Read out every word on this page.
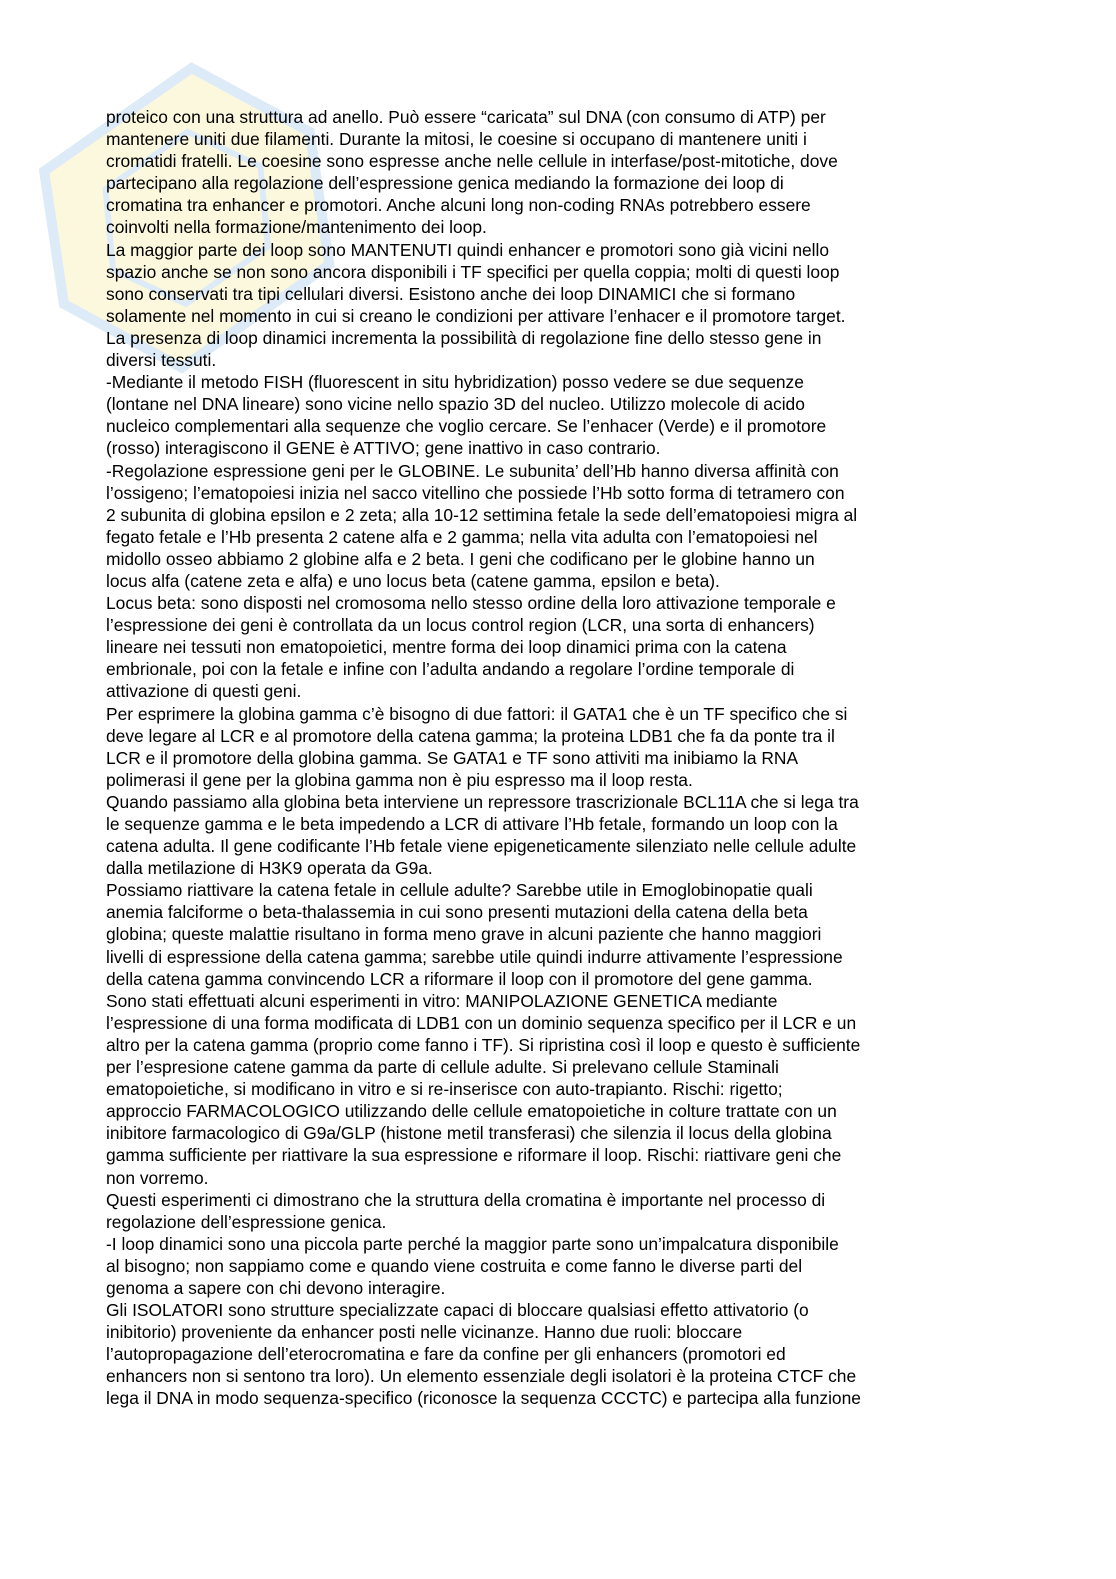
proteico con una struttura ad anello. Può essere “caricata” sul DNA (con consumo di ATP) per
mantenere uniti due filamenti. Durante la mitosi, le coesine si occupano di mantenere uniti i
cromatidi fratelli. Le coesine sono espresse anche nelle cellule in interfase/post-mitotiche, dove
partecipano alla regolazione dell’espressione genica mediando la formazione dei loop di
cromatina tra enhancer e promotori. Anche alcuni long non-coding RNAs potrebbero essere
coinvolti nella formazione/mantenimento dei loop.
La maggior parte dei loop sono MANTENUTI quindi enhancer e promotori sono già vicini nello
spazio anche se non sono ancora disponibili i TF specifici per quella coppia; molti di questi loop
sono conservati tra tipi cellulari diversi. Esistono anche dei loop DINAMICI che si formano
solamente nel momento in cui si creano le condizioni per attivare l’enhacer e il promotore target.
La presenza di loop dinamici incrementa la possibilità di regolazione fine dello stesso gene in
diversi tessuti.
-Mediante il metodo FISH (fluorescent in situ hybridization) posso vedere se due sequenze
(lontane nel DNA lineare) sono vicine nello spazio 3D del nucleo. Utilizzo molecole di acido
nucleico complementari alla sequenze che voglio cercare. Se l’enhacer (Verde) e il promotore
(rosso) interagiscono il GENE è ATTIVO; gene inattivo in caso contrario.
-Regolazione espressione geni per le GLOBINE. Le subunita’ dell’Hb hanno diversa affinità con
l’ossigeno; l’ematopoiesi inizia nel sacco vitellino che possiede l’Hb sotto forma di tetramero con
2 subunita di globina epsilon e 2 zeta; alla 10-12 settimina fetale la sede dell’ematopoiesi migra al
fegato fetale e l’Hb presenta 2 catene alfa e 2 gamma; nella vita adulta con l’ematopoiesi nel
midollo osseo abbiamo 2 globine alfa e 2 beta. I geni che codificano per le globine hanno un
locus alfa (catene zeta e alfa) e uno locus beta (catene gamma, epsilon e beta).
Locus beta: sono disposti nel cromosoma nello stesso ordine della loro attivazione temporale e
l’espressione dei geni è controllata da un locus control region (LCR, una sorta di enhancers)
lineare nei tessuti non ematopoietici, mentre forma dei loop dinamici prima con la catena
embrionale, poi con la fetale e infine con l’adulta andando a regolare l’ordine temporale di
attivazione di questi geni.
Per esprimere la globina gamma c’è bisogno di due fattori: il GATA1 che è un TF specifico che si
deve legare al LCR e al promotore della catena gamma; la proteina LDB1 che fa da ponte tra il
LCR e il promotore della globina gamma. Se GATA1 e TF sono attiviti ma inibiamo la RNA
polimerasi il gene per la globina gamma non è piu espresso ma il loop resta.
Quando passiamo alla globina beta interviene un repressore trascrizionale BCL11A che si lega tra
le sequenze gamma e le beta impedendo a LCR di attivare l’Hb fetale, formando un loop con la
catena adulta. Il gene codificante l’Hb fetale viene epigeneticamente silenziato nelle cellule adulte
dalla metilazione di H3K9 operata da G9a.
Possiamo riattivare la catena fetale in cellule adulte? Sarebbe utile in Emoglobinopatie quali
anemia falciforme o beta-thalassemia in cui sono presenti mutazioni della catena della beta
globina; queste malattie risultano in forma meno grave in alcuni paziente che hanno maggiori
livelli di espressione della catena gamma; sarebbe utile quindi indurre attivamente l’espressione
della catena gamma convincendo LCR a riformare il loop con il promotore del gene gamma.
Sono stati effettuati alcuni esperimenti in vitro: MANIPOLAZIONE GENETICA mediante
l’espressione di una forma modificata di LDB1 con un dominio sequenza specifico per il LCR e un
altro per la catena gamma (proprio come fanno i TF). Si ripristina così il loop e questo è sufficiente
per l’espresione catene gamma da parte di cellule adulte. Si prelevano cellule Staminali
ematopoietiche, si modificano in vitro e si re-inserisce con auto-trapianto. Rischi: rigetto;
approccio FARMACOLOGICO utilizzando delle cellule ematopoietiche in colture trattate con un
inibitore farmacologico di G9a/GLP (histone metil transferasi) che silenzia il locus della globina
gamma sufficiente per riattivare la sua espressione e riformare il loop. Rischi: riattivare geni che
non vorremo.
Questi esperimenti ci dimostrano che la struttura della cromatina è importante nel processo di
regolazione dell’espressione genica.
-I loop dinamici sono una piccola parte perché la maggior parte sono un’impalcatura disponibile
al bisogno; non sappiamo come e quando viene costruita e come fanno le diverse parti del
genoma a sapere con chi devono interagire.
Gli ISOLATORI sono strutture specializzate capaci di bloccare qualsiasi effetto attivatorio (o
inibitorio) proveniente da enhancer posti nelle vicinanze. Hanno due ruoli: bloccare
l’autopropagazione dell’eterocromatina e fare da confine per gli enhancers (promotori ed
enhancers non si sentono tra loro). Un elemento essenziale degli isolatori è la proteina CTCF che
lega il DNA in modo sequenza-specifico (riconosce la sequenza CCCTC) e partecipa alla funzione
